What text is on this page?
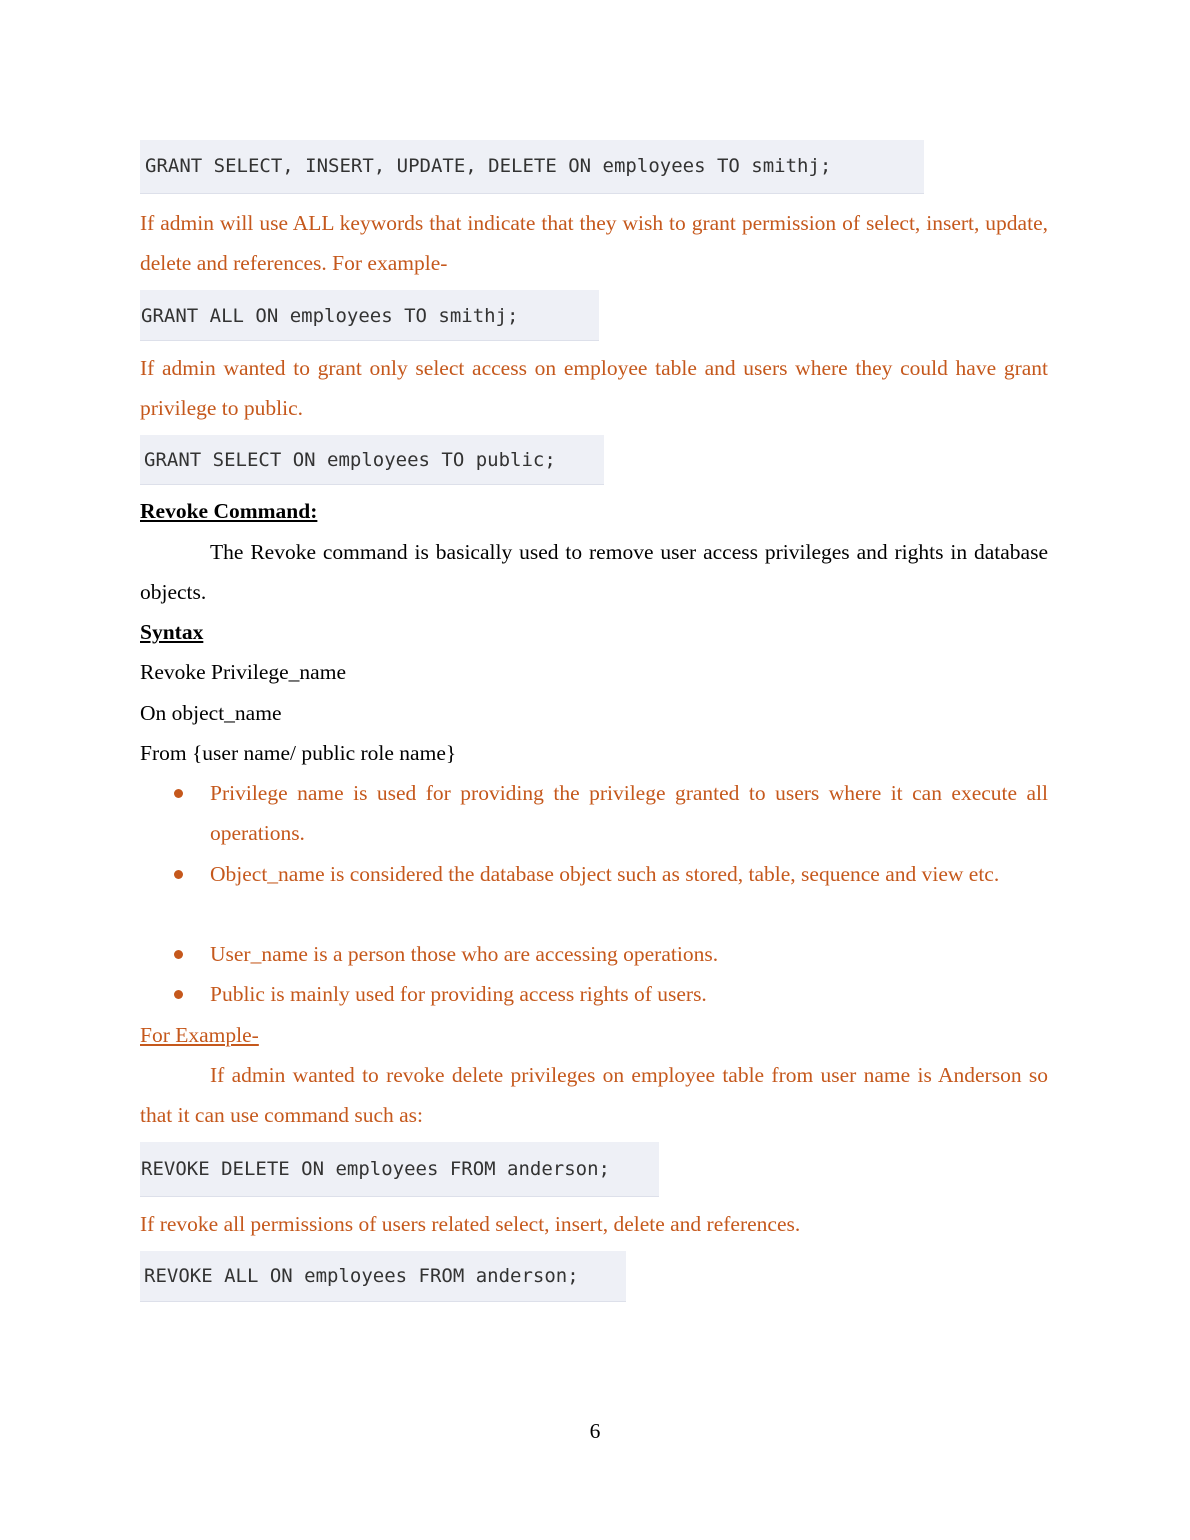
GRANT SELECT, INSERT, UPDATE, DELETE ON employees TO smithj;
If admin will use ALL keywords that indicate that they wish to grant permission of select, insert, update, delete and references. For example-
GRANT ALL ON employees TO smithj;
If admin wanted to grant only select access on employee table and users where they could have grant privilege to public.
GRANT SELECT ON employees TO public;
Revoke Command:
The Revoke command is basically used to remove user access privileges and rights in database objects.
Syntax
Revoke Privilege_name
On object_name
From {user name/ public role name}
Privilege name is used for providing the privilege granted to users where it can execute all operations.
Object_name is considered the database object such as stored, table, sequence and view etc.
User_name is a person those who are accessing operations.
Public is mainly used for providing access rights of users.
For Example-
If admin wanted to revoke delete privileges on employee table from user name is Anderson so that it can use command such as:
REVOKE DELETE ON employees FROM anderson;
If revoke all permissions of users related select, insert, delete and references.
REVOKE ALL ON employees FROM anderson;
6
